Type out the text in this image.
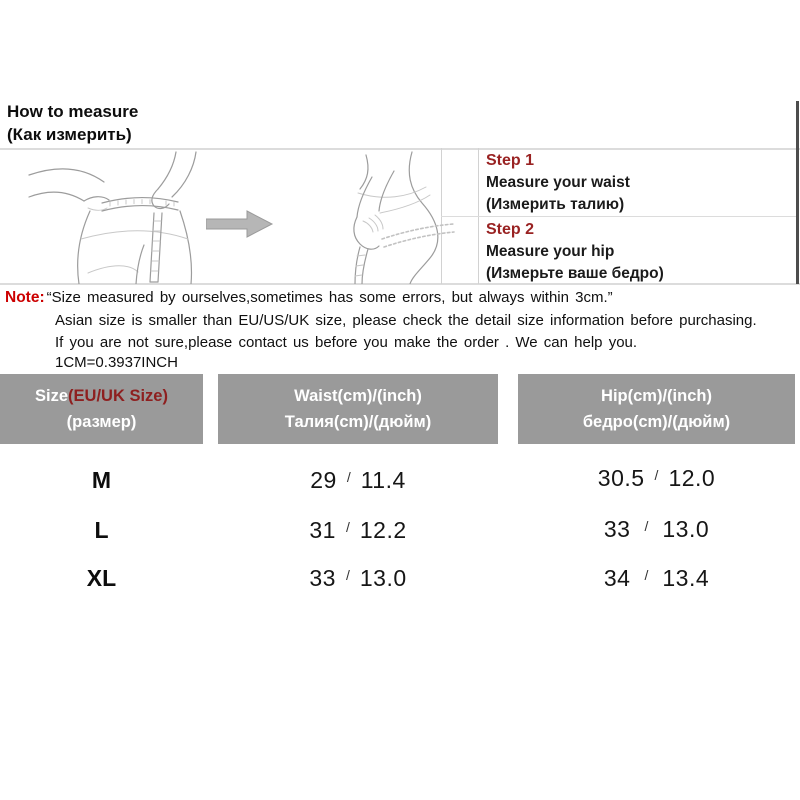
How to measure
(Как измерить)
Step 1
Measure your waist
(Измерить талию)
Step 2
Measure your hip
(Измерьте ваше бедро)
Note: “Size measured by ourselves,sometimes has some errors, but always within 3cm.”
Asian size is smaller than EU/US/UK size, please check the detail size information before purchasing.
If you are not sure,please contact us before you make the order . We can help you.
1CM=0.3937INCH
Size(EU/UK Size)
(размер)
Waist(cm)/(inch)
Талия(cm)/(дюйм)
Hip(cm)/(inch)
бедро(cm)/(дюйм)
M	29 / 11.4	30.5 / 12.0
L	31 / 12.2	33 / 13.0
XL	33 / 13.0	34 / 13.4
